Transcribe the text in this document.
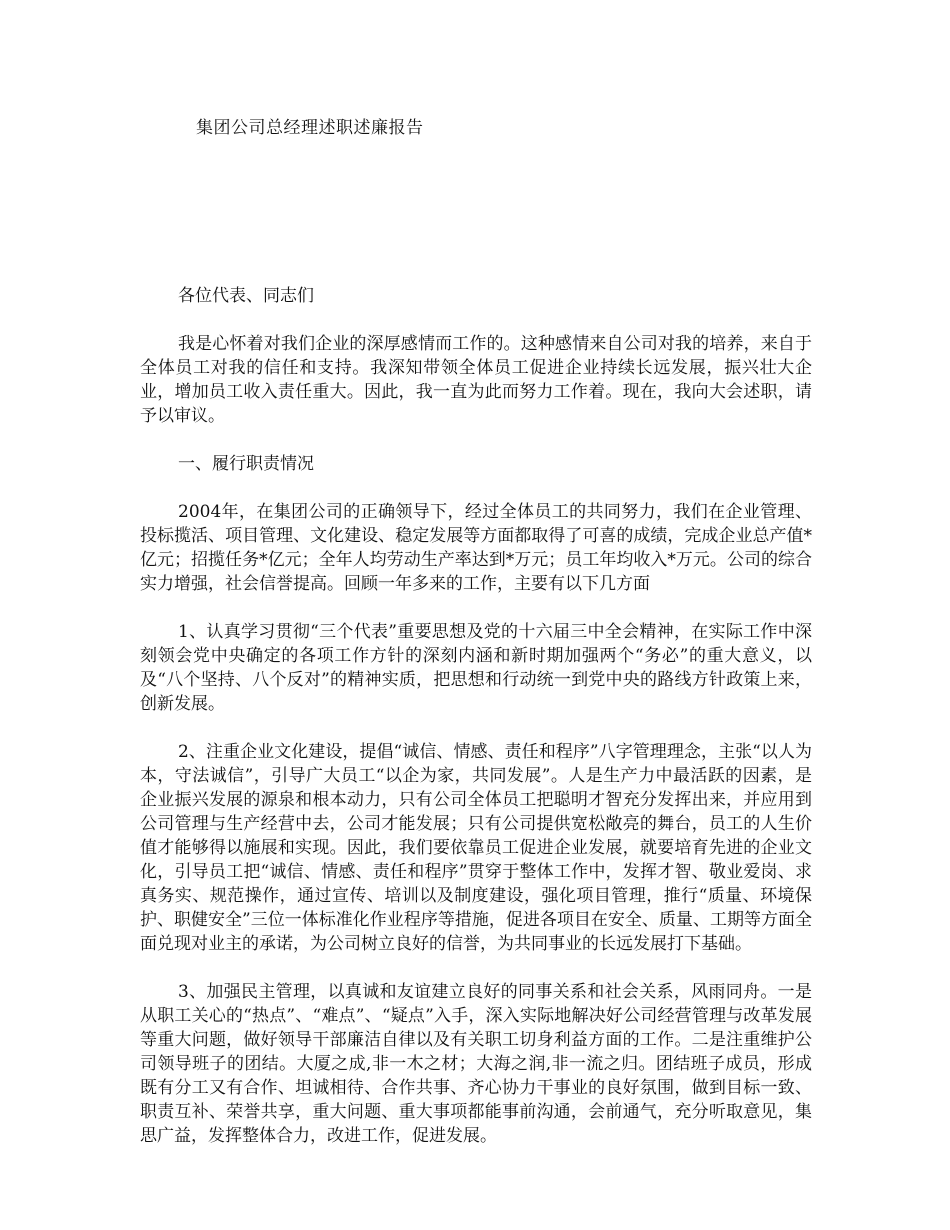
集团公司总经理述职述廉报告

各位代表、同志们

我是心怀着对我们企业的深厚感情而工作的。这种感情来自公司对我的培养，来自于全体员工对我的信任和支持。我深知带领全体员工促进企业持续长远发展，振兴壮大企业，增加员工收入责任重大。因此，我一直为此而努力工作着。现在，我向大会述职，请予以审议。

一、履行职责情况

2004年，在集团公司的正确领导下，经过全体员工的共同努力，我们在企业管理、投标揽活、项目管理、文化建设、稳定发展等方面都取得了可喜的成绩，完成企业总产值*亿元；招揽任务*亿元；全年人均劳动生产率达到*万元；员工年均收入*万元。公司的综合实力增强，社会信誉提高。回顾一年多来的工作，主要有以下几方面

1、认真学习贯彻“三个代表”重要思想及党的十六届三中全会精神，在实际工作中深刻领会党中央确定的各项工作方针的深刻内涵和新时期加强两个“务必”的重大意义，以及“八个坚持、八个反对”的精神实质，把思想和行动统一到党中央的路线方针政策上来，创新发展。

2、注重企业文化建设，提倡“诚信、情感、责任和程序”八字管理理念，主张“以人为本，守法诚信”，引导广大员工“以企为家，共同发展”。人是生产力中最活跃的因素，是企业振兴发展的源泉和根本动力，只有公司全体员工把聪明才智充分发挥出来，并应用到公司管理与生产经营中去，公司才能发展；只有公司提供宽松敞亮的舞台，员工的人生价值才能够得以施展和实现。因此，我们要依靠员工促进企业发展，就要培育先进的企业文化，引导员工把“诚信、情感、责任和程序”贯穿于整体工作中，发挥才智、敬业爱岗、求真务实、规范操作，通过宣传、培训以及制度建设，强化项目管理，推行“质量、环境保护、职健安全”三位一体标准化作业程序等措施，促进各项目在安全、质量、工期等方面全面兑现对业主的承诺，为公司树立良好的信誉，为共同事业的长远发展打下基础。

3、加强民主管理，以真诚和友谊建立良好的同事关系和社会关系，风雨同舟。一是从职工关心的“热点”、“难点”、“疑点”入手，深入实际地解决好公司经营管理与改革发展等重大问题，做好领导干部廉洁自律以及有关职工切身利益方面的工作。二是注重维护公司领导班子的团结。大厦之成,非一木之材；大海之润,非一流之归。团结班子成员，形成既有分工又有合作、坦诚相待、合作共事、齐心协力干事业的良好氛围，做到目标一致、职责互补、荣誉共享，重大问题、重大事项都能事前沟通，会前通气，充分听取意见，集思广益，发挥整体合力，改进工作，促进发展。
